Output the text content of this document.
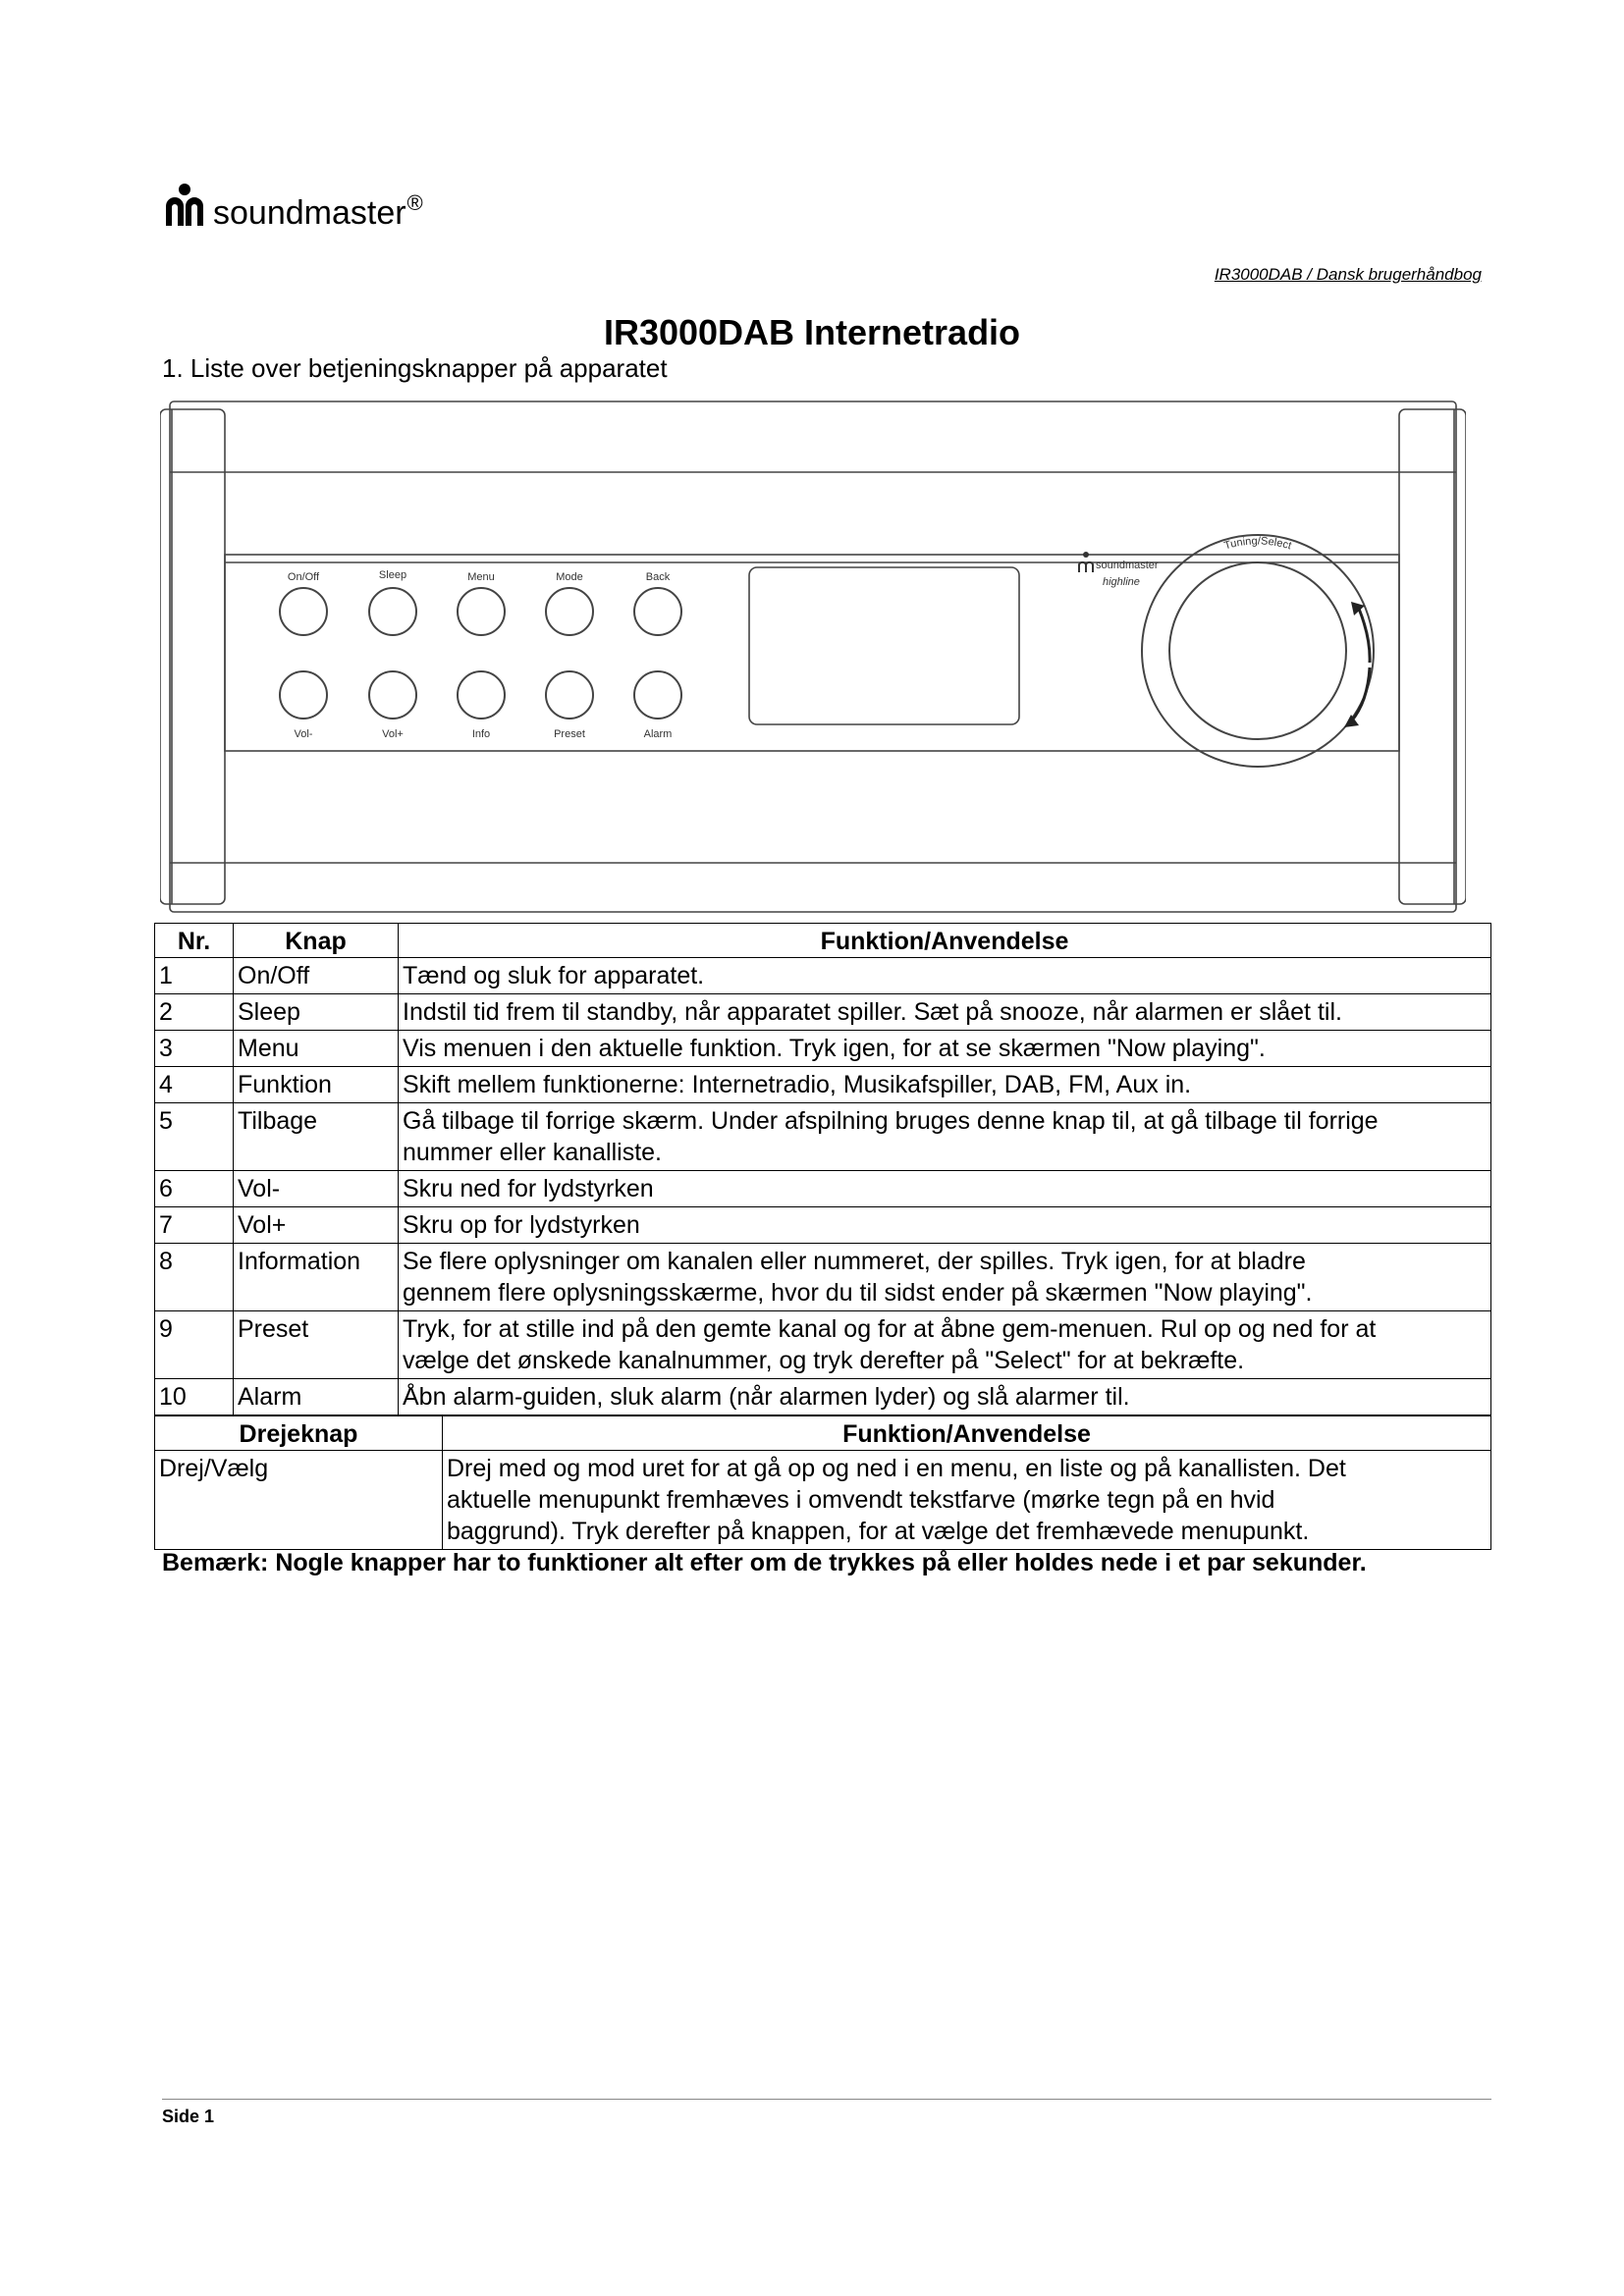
soundmaster®
IR3000DAB / Dansk brugerhåndbog
IR3000DAB Internetradio
1. Liste over betjeningsknapper på apparatet
On/Off	Sleep	Menu	Mode	Back
Vol-	Vol+	Info	Preset	Alarm
soundmaster
highline
Tuning/Select
Nr.	Knap	Funktion/Anvendelse
1	On/Off	Tænd og sluk for apparatet.
2	Sleep	Indstil tid frem til standby, når apparatet spiller. Sæt på snooze, når alarmen er slået til.
3	Menu	Vis menuen i den aktuelle funktion. Tryk igen, for at se skærmen "Now playing".
4	Funktion	Skift mellem funktionerne: Internetradio, Musikafspiller, DAB, FM, Aux in.
5	Tilbage	Gå tilbage til forrige skærm. Under afspilning bruges denne knap til, at gå tilbage til forrige
nummer eller kanalliste.
6	Vol-	Skru ned for lydstyrken
7	Vol+	Skru op for lydstyrken
8	Information	Se flere oplysninger om kanalen eller nummeret, der spilles. Tryk igen, for at bladre
gennem flere oplysningsskærme, hvor du til sidst ender på skærmen "Now playing".
9	Preset	Tryk, for at stille ind på den gemte kanal og for at åbne gem-menuen. Rul op og ned for at
vælge det ønskede kanalnummer, og tryk derefter på "Select" for at bekræfte.
10	Alarm	Åbn alarm-guiden, sluk alarm (når alarmen lyder) og slå alarmer til.
Drejeknap	Funktion/Anvendelse
Drej/Vælg	Drej med og mod uret for at gå op og ned i en menu, en liste og på kanallisten. Det
aktuelle menupunkt fremhæves i omvendt tekstfarve (mørke tegn på en hvid
baggrund). Tryk derefter på knappen, for at vælge det fremhævede menupunkt.
Bemærk: Nogle knapper har to funktioner alt efter om de trykkes på eller holdes nede i et par sekunder.
Side 1
